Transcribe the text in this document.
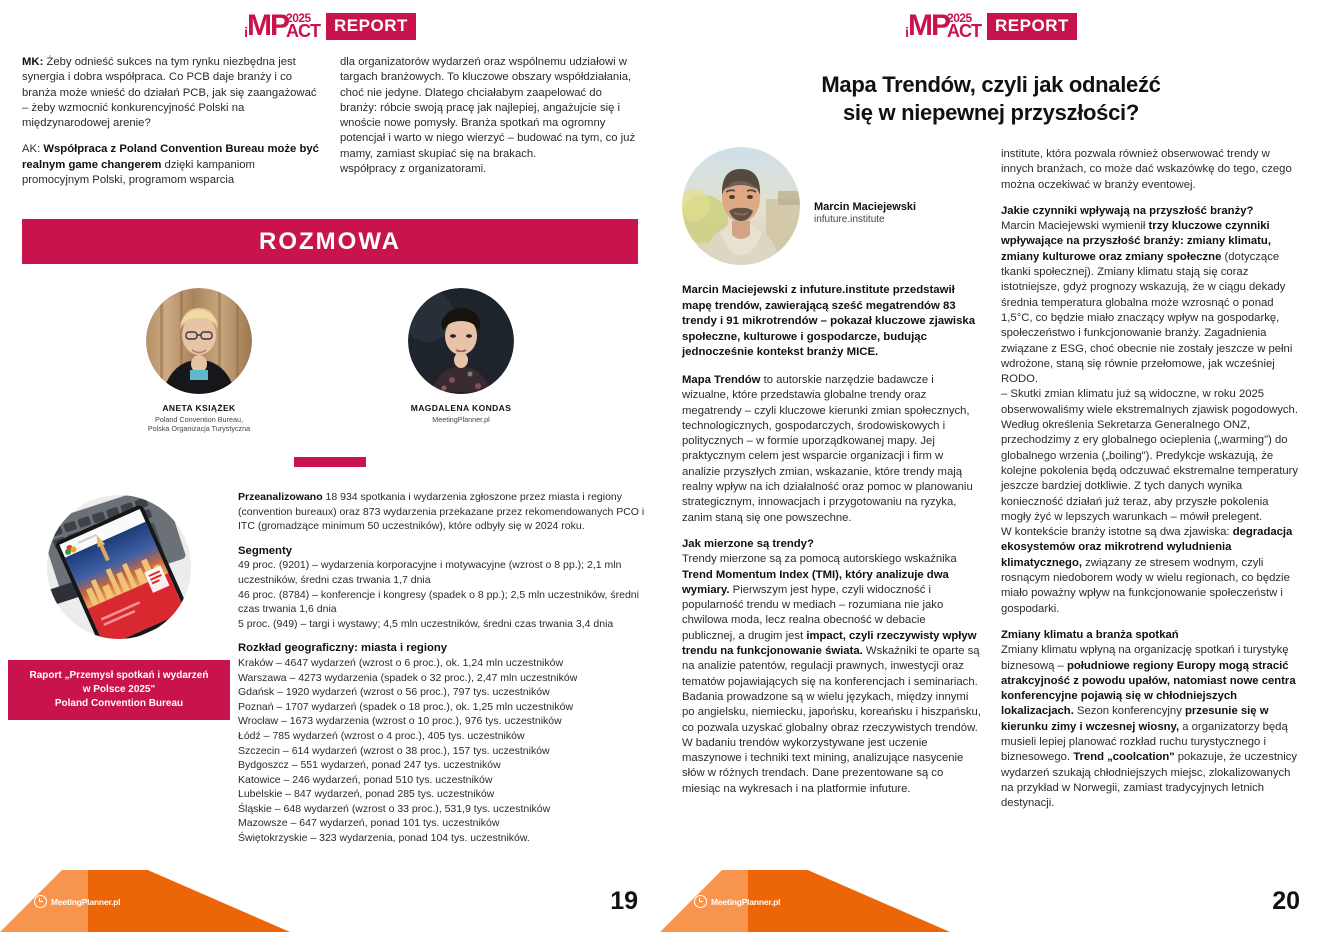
i MP
2025
ACT REPORT

MK: Żeby odnieść sukces na tym rynku niezbędna jest synergia i dobra współpraca. Co PCB daje branży i co branża może wnieść do działań PCB, jak się zaangażować – żeby wzmocnić konkurencyjność Polski na międzynarodowej arenie?

AK: Współpraca z Poland Convention Bureau może być realnym game changerem dzięki kampaniom promocyjnym Polski, programom wsparcia

dla organizatorów wydarzeń oraz wspólnemu udziałowi w targach branżowych. To kluczowe obszary współdziałania, choć nie jedyne. Dlatego chciałabym zaapelować do branży: róbcie swoją pracę jak najlepiej, angażujcie się i wnoście nowe pomysły. Branża spotkań ma ogromny potencjał i warto w niego wierzyć – budować na tym, co już mamy, zamiast skupiać się na brakach.

współpracy z organizatorami.

ROZMOWA
ANETA KSIĄŻEK
Poland Convention Bureau,
Polska Organizacja Turystyczna
MAGDALENA KONDAS
MeetingPlanner.pl
Raport „Przemysł spotkań i wydarzeń
w Polsce 2025"
Poland Convention Bureau
Przeanalizowano 18 934 spotkania i wydarzenia zgłoszone przez miasta i regiony (convention bureaux) oraz 873 wydarzenia przekazane przez rekomendowanych PCO i ITC (gromadzące minimum 50 uczestników), które odbyły się w 2024 roku.
Segmenty
49 proc. (9201) – wydarzenia korporacyjne i motywacyjne (wzrost o 8 pp.); 2,1 mln uczestników, średni czas trwania 1,7 dnia
46 proc. (8784) – konferencje i kongresy (spadek o 8 pp.); 2,5 mln uczestników, średni czas trwania 1,6 dnia
5 proc. (949) – targi i wystawy; 4,5 mln uczestników, średni czas trwania 3,4 dnia
Rozkład geograficzny: miasta i regiony
Kraków – 4647 wydarzeń (wzrost o 6 proc.), ok. 1,24 mln uczestników
Warszawa – 4273 wydarzenia (spadek o 32 proc.), 2,47 mln uczestników
Gdańsk – 1920 wydarzeń (wzrost o 56 proc.), 797 tys. uczestników
Poznań – 1707 wydarzeń (spadek o 18 proc.), ok. 1,25 mln uczestników
Wrocław – 1673 wydarzenia (wzrost o 10 proc.), 976 tys. uczestników
Łódź – 785 wydarzeń (wzrost o 4 proc.), 405 tys. uczestników
Szczecin – 614 wydarzeń (wzrost o 38 proc.), 157 tys. uczestników
Bydgoszcz – 551 wydarzeń, ponad 247 tys. uczestników
Katowice – 246 wydarzeń, ponad 510 tys. uczestników
Lubelskie – 847 wydarzeń, ponad 285 tys. uczestników
Śląskie – 648 wydarzeń (wzrost o 33 proc.), 531,9 tys. uczestników
Mazowsze – 647 wydarzeń, ponad 101 tys. uczestników
Świętokrzyskie – 323 wydarzenia, ponad 104 tys. uczestników.
MeetingPlanner.pl	19
i MP
2025
ACT REPORT
Mapa Trendów, czyli jak odnaleźć
się w niepewnej przyszłości?
Marcin Maciejewski
infuture.institute

Marcin Maciejewski z infuture.institute przedstawił mapę trendów, zawierającą sześć megatrendów 83 trendy i 91 mikrotrendów – pokazał kluczowe zjawiska społeczne, kulturowe i gospodarcze, budując jednocześnie kontekst branży MICE.

Mapa Trendów to autorskie narzędzie badawcze i wizualne, które przedstawia globalne trendy oraz megatrendy – czyli kluczowe kierunki zmian społecznych, technologicznych, gospodarczych, środowiskowych i politycznych – w formie uporządkowanej mapy. Jej praktycznym celem jest wsparcie organizacji i firm w analizie przyszłych zmian, wskazanie, które trendy mają realny wpływ na ich działalność oraz pomoc w planowaniu strategicznym, innowacjach i przygotowaniu na ryzyka, zanim staną się one powszechne.

Jak mierzone są trendy?

Trendy mierzone są za pomocą autorskiego wskaźnika Trend Momentum Index (TMI), który analizuje dwa wymiary. Pierwszym jest hype, czyli widoczność i popularność trendu w mediach – rozumiana nie jako chwilowa moda, lecz realna obecność w debacie publicznej, a drugim jest impact, czyli rzeczywisty wpływ trendu na funkcjonowanie świata. Wskaźniki te oparte są na analizie patentów, regulacji prawnych, inwestycji oraz tematów pojawiających się na konferencjach i seminariach. Badania prowadzone są w wielu językach, między innymi po angielsku, niemiecku, japońsku, koreańsku i hiszpańsku, co pozwala uzyskać globalny obraz rzeczywistych trendów.

W badaniu trendów wykorzystywane jest uczenie maszynowe i techniki text mining, analizujące nasycenie słów w różnych trendach. Dane prezentowane są co miesiąc na wykresach i na platformie infuture.

institute, która pozwala również obserwować trendy w innych branżach, co może dać wskazówkę do tego, czego można oczekiwać w branży eventowej.

Jakie czynniki wpływają na przyszłość branży?

Marcin Maciejewski wymienił trzy kluczowe czynniki wpływające na przyszłość branży: zmiany klimatu, zmiany kulturowe oraz zmiany społeczne (dotyczące tkanki społecznej). Zmiany klimatu stają się coraz istotniejsze, gdyż prognozy wskazują, że w ciągu dekady średnia temperatura globalna może wzrosnąć o ponad 1,5°C, co będzie miało znaczący wpływ na gospodarkę, społeczeństwo i funkcjonowanie branży. Zagadnienia związane z ESG, choć obecnie nie zostały jeszcze w pełni wdrożone, staną się równie przełomowe, jak wcześniej RODO.

– Skutki zmian klimatu już są widoczne, w roku 2025 obserwowaliśmy wiele ekstremalnych zjawisk pogodowych. Według określenia Sekretarza Generalnego ONZ, przechodzimy z ery globalnego ocieplenia („warming") do globalnego wrzenia („boiling"). Predykcje wskazują, że kolejne pokolenia będą odczuwać ekstremalne temperatury jeszcze bardziej dotkliwie. Z tych danych wynika konieczność działań już teraz, aby przyszłe pokolenia mogły żyć w lepszych warunkach – mówił prelegent.

W kontekście branży istotne są dwa zjawiska: degradacja ekosystemów oraz mikrotrend wyludnienia klimatycznego, związany ze stresem wodnym, czyli rosnącym niedoborem wody w wielu regionach, co będzie miało poważny wpływ na funkcjonowanie społeczeństw i gospodarki.

Zmiany klimatu a branża spotkań

Zmiany klimatu wpłyną na organizację spotkań i turystykę biznesową – południowe regiony Europy mogą stracić atrakcyjność z powodu upałów, natomiast nowe centra konferencyjne pojawią się w chłodniejszych lokalizacjach. Sezon konferencyjny przesunie się w kierunku zimy i wczesnej wiosny, a organizatorzy będą musieli lepiej planować rozkład ruchu turystycznego i biznesowego. Trend „coolcation" pokazuje, że uczestnicy wydarzeń szukają chłodniejszych miejsc, zlokalizowanych na przykład w Norwegii, zamiast tradycyjnych letnich destynacji.

MeetingPlanner.pl	20
